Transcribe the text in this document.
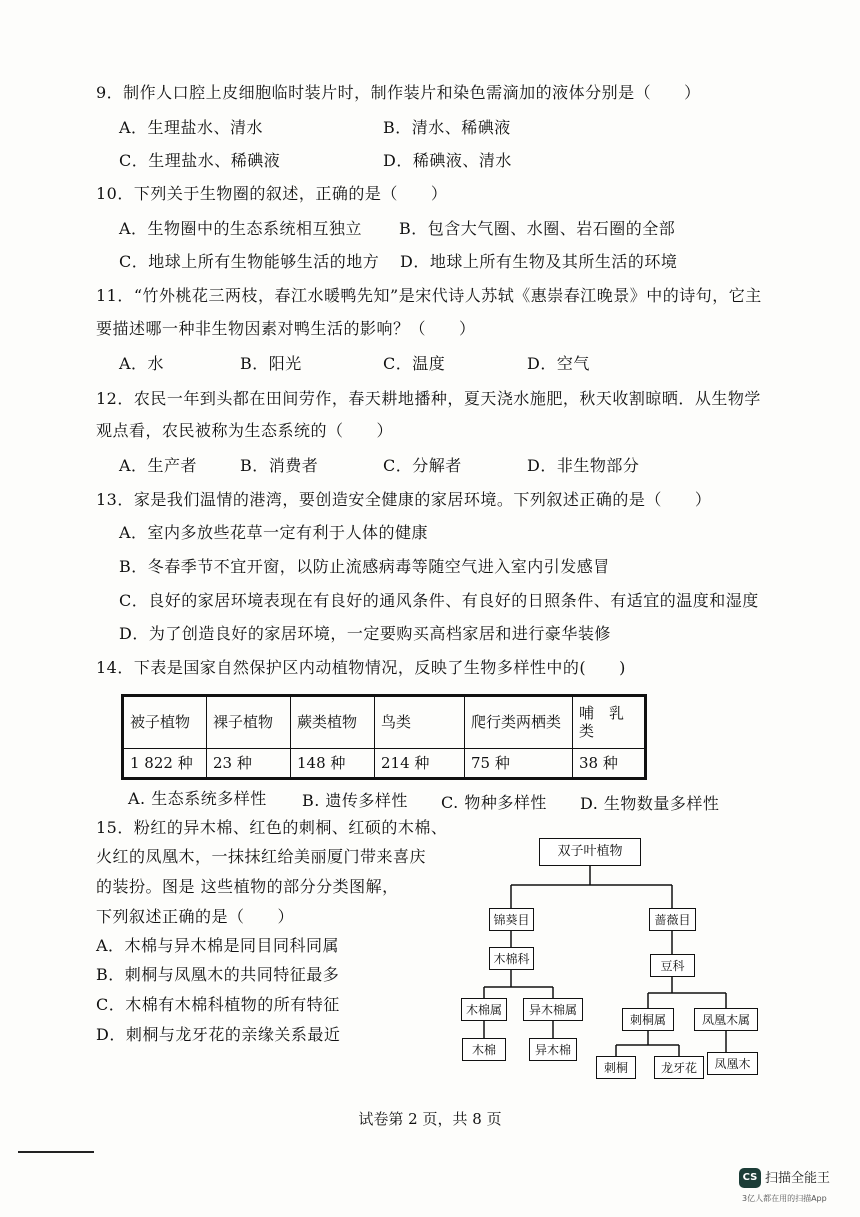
9．制作人口腔上皮细胞临时装片时，制作装片和染色需滴加的液体分别是（　　）
A．生理盐水、清水	B．清水、稀碘液
C．生理盐水、稀碘液	D．稀碘液、清水
10．下列关于生物圈的叙述，正确的是（　　）
A．生物圈中的生态系统相互独立 B．包含大气圈、水圈、岩石圈的全部
C．地球上所有生物能够生活的地方 D．地球上所有生物及其所生活的环境
11．“竹外桃花三两枝，春江水暖鸭先知”是宋代诗人苏轼《惠崇春江晚景》中的诗句，它主
要描述哪一种非生物因素对鸭生活的影响？（　　）
A．水	B．阳光	C．温度	D．空气
12．农民一年到头都在田间劳作，春天耕地播种，夏天浇水施肥，秋天收割晾晒．从生物学
观点看，农民被称为生态系统的（　　）
A．生产者	B．消费者	C．分解者	D．非生物部分
13．家是我们温情的港湾，要创造安全健康的家居环境。下列叙述正确的是（　　）
A．室内多放些花草一定有利于人体的健康
B．冬春季节不宜开窗，以防止流感病毒等随空气进入室内引发感冒
C．良好的家居环境表现在有良好的通风条件、有良好的日照条件、有适宜的温度和湿度
D．为了创造良好的家居环境，一定要购买高档家居和进行豪华装修
14．下表是国家自然保护区内动植物情况，反映了生物多样性中的(　　)
被子植物	裸子植物	蕨类植物	鸟类	爬行类两栖类	哺　乳类
1 822 种	23 种	148 种	214 种	75 种	38 种
A. 生态系统多样性 B. 遗传多样性 C. 物种多样性 D. 生物数量多样性
15．粉红的异木棉、红色的刺桐、红硕的木棉、
火红的凤凰木，一抹抹红给美丽厦门带来喜庆
的装扮。图是 这些植物的部分分类图解，
下列叙述正确的是（　　）
A．木棉与异木棉是同目同科同属
B．刺桐与凤凰木的共同特征最多
C．木棉有木棉科植物的所有特征
D．刺桐与龙牙花的亲缘关系最近
双子叶植物
锦葵目	蔷薇目
木棉科	豆科
木棉属	异木棉属
刺桐属	凤凰木属
木棉	异木棉
刺桐	龙牙花	凤凰木
试卷第 2 页，共 8 页
CS 扫描全能王
3亿人都在用的扫描App
